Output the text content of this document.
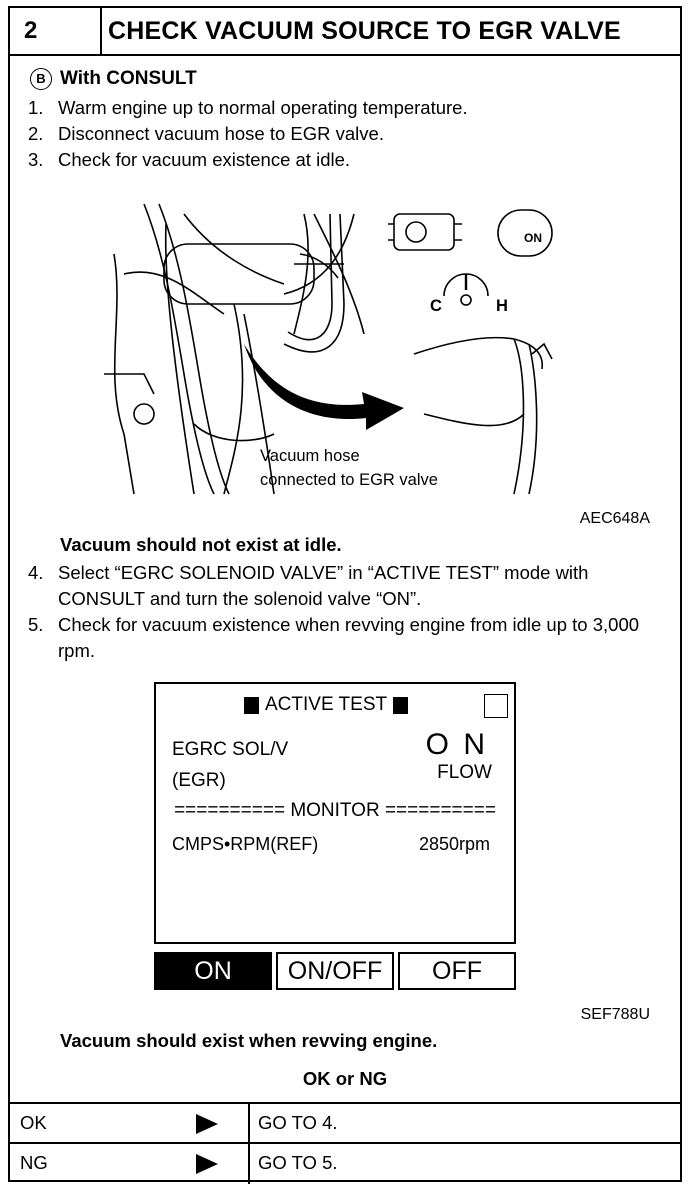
2	CHECK VACUUM SOURCE TO EGR VALVE
B With CONSULT
1. Warm engine up to normal operating temperature.
2. Disconnect vacuum hose to EGR valve.
3. Check for vacuum existence at idle.
ON
C	H
Vacuum hose
connected to EGR valve
AEC648A
Vacuum should not exist at idle.
4. Select “EGRC SOLENOID VALVE” in “ACTIVE TEST” mode with CONSULT and turn the solenoid valve “ON”.
5. Check for vacuum existence when revving engine from idle up to 3,000 rpm.
ACTIVE TEST
EGRC SOL/V
(EGR)
O N
FLOW
========== MONITOR ==========
CMPS•RPM(REF)	2850rpm
ON	ON/OFF	OFF
SEF788U
Vacuum should exist when revving engine.
OK or NG
OK	GO TO 4.
NG	GO TO 5.
